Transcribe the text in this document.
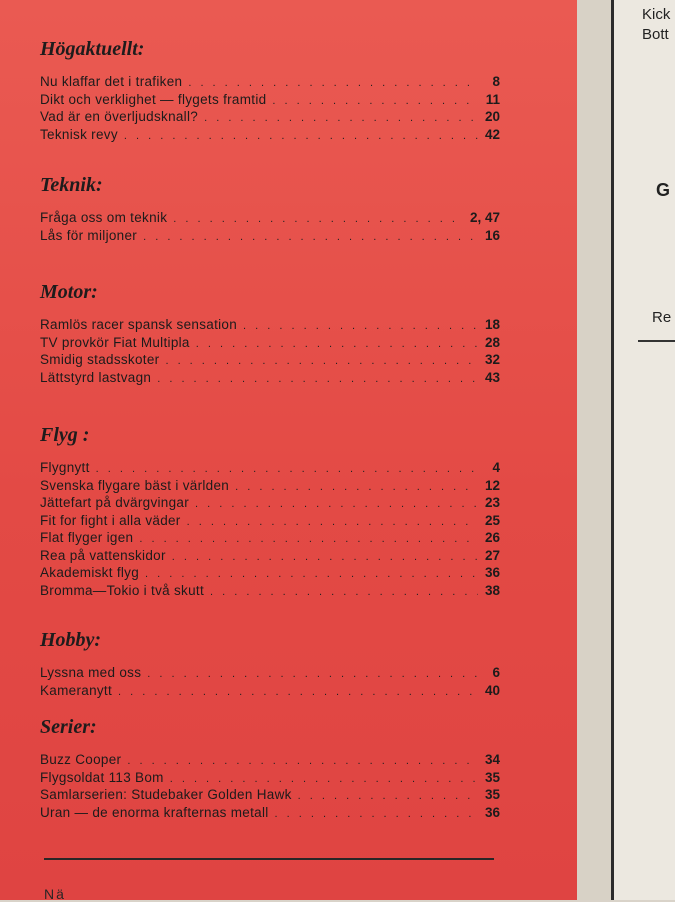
Kick
Bott
G
Re
Högaktuellt:
Nu klaffar det i trafiken . . .	8
Dikt och verklighet — flygets framtid . . .	11
Vad är en överljudsknall? . . .	20
Teknisk revy . . .	42
Teknik:
Fråga oss om teknik . . .	2, 47
Lås för miljoner . . .	16
Motor:
Ramlös racer spansk sensation . . .	18
TV provkör Fiat Multipla . . .	28
Smidig stadsskoter . . .	32
Lättstyrd lastvagn . . .	43
Flyg :
Flygnytt . . .	4
Svenska flygare bäst i världen . . .	12
Jättefart på dvärgvingar . . .	23
Fit for fight i alla väder . . .	25
Flat flyger igen . . .	26
Rea på vattenskidor . . .	27
Akademiskt flyg . . .	36
Bromma—Tokio i två skutt . . .	38
Hobby:
Lyssna med oss . . .	6
Kameranytt . . .	40
Serier:
Buzz Cooper . . .	34
Flygsoldat 113 Bom . . .	35
Samlarserien: Studebaker Golden Hawk . . .	35
Uran — de enorma krafternas metall . . .	36
Nä
